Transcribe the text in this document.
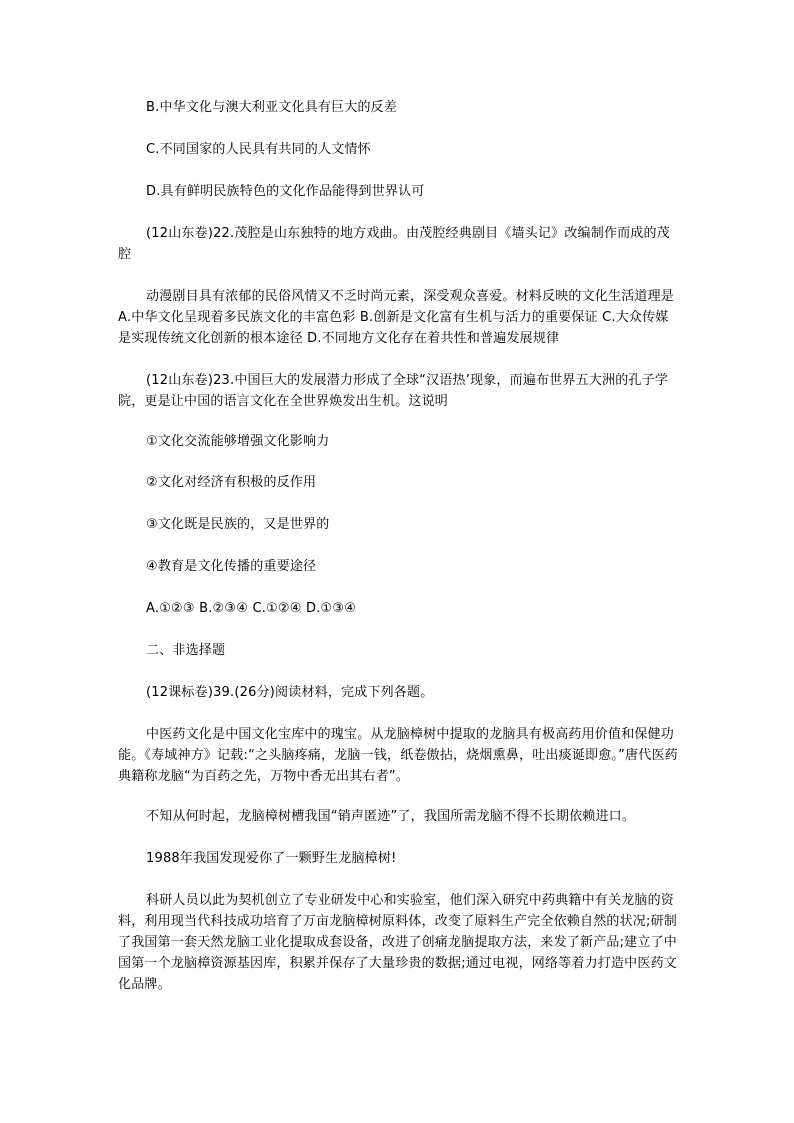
B.中华文化与澳大利亚文化具有巨大的反差

C.不同国家的人民具有共同的人文情怀

D.具有鲜明民族特色的文化作品能得到世界认可

(12山东卷)22.茂腔是山东独特的地方戏曲。由茂腔经典剧目《墙头记》改编制作而成的茂腔

动漫剧目具有浓郁的民俗风情又不乏时尚元素，深受观众喜爱。材料反映的文化生活道理是 A.中华文化呈现着多民族文化的丰富色彩 B.创新是文化富有生机与活力的重要保证 C.大众传媒是实现传统文化创新的根本途径 D.不同地方文化存在着共性和普遍发展规律

(12山东卷)23.中国巨大的发展潜力形成了全球“汉语热’现象，而遍布世界五大洲的孔子学院，更是让中国的语言文化在全世界焕发出生机。这说明

①文化交流能够增强文化影响力

②文化对经济有积极的反作用

③文化既是民族的，又是世界的

④教育是文化传播的重要途径

A.①②③ B.②③④ C.①②④ D.①③④

二、非选择题

(12课标卷)39.(26分)阅读材料，完成下列各题。

中医药文化是中国文化宝库中的瑰宝。从龙脑樟树中提取的龙脑具有极高药用价值和保健功能。《寿域神方》记载:“之头脑疼痛，龙脑一钱，纸卷傲拈，烧烟熏鼻，吐出痰诞即愈。”唐代医药典籍称龙脑“为百药之先，万物中香无出其右者”。

不知从何时起，龙脑樟树槽我国“销声匿迹”了，我国所需龙脑不得不长期依赖进口。

1988年我国发现爱你了一颗野生龙脑樟树!

科研人员以此为契机创立了专业研发中心和实验室，他们深入研究中药典籍中有关龙脑的资料，利用现当代科技成功培育了万亩龙脑樟树原料体，改变了原料生产完全依赖自然的状况;研制了我国第一套天然龙脑工业化提取成套设备，改进了创痛龙脑提取方法，来发了新产品;建立了中国第一个龙脑樟资源基因库，积累并保存了大量珍贵的数据;通过电视，网络等着力打造中医药文化品牌。
